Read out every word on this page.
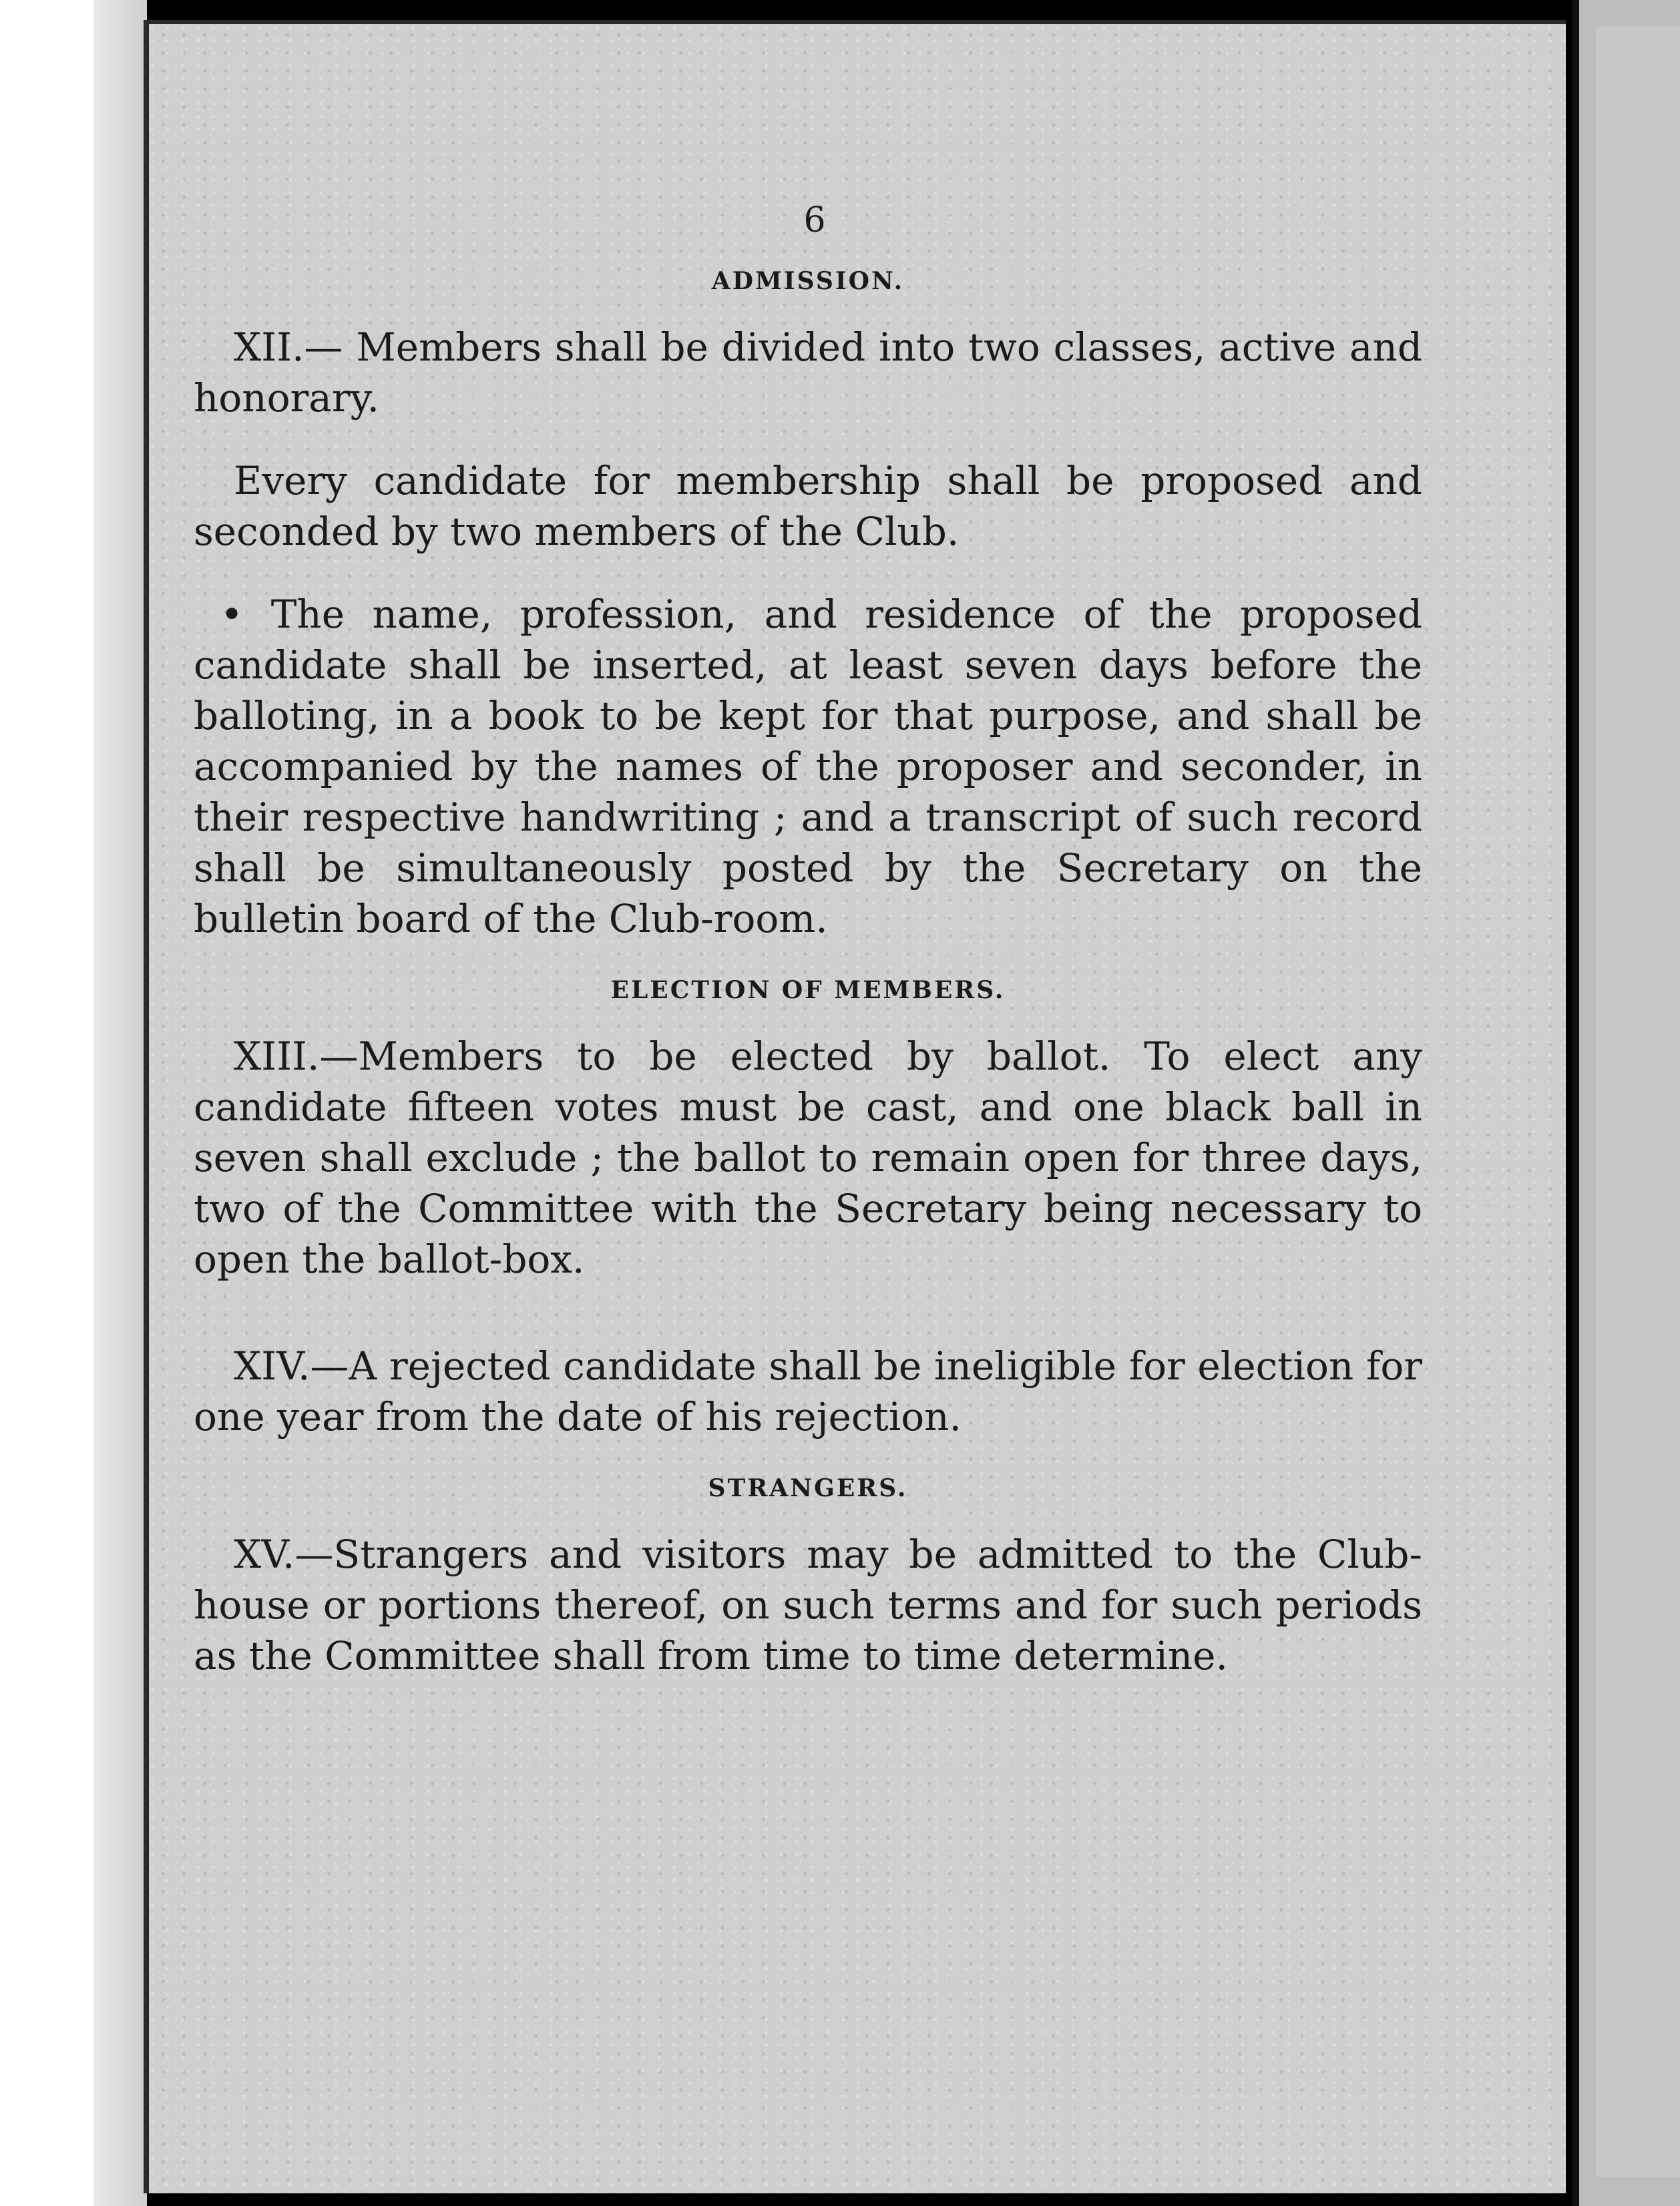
6
ADMISSION.

XII.— Members shall be divided into two classes, active and honorary.

Every candidate for membership shall be proposed and seconded by two members of the Club.

• The name, profession, and residence of the proposed candidate shall be inserted, at least seven days before the balloting, in a book to be kept for that purpose, and shall be accompanied by the names of the proposer and seconder, in their respective handwriting ; and a transcript of such record shall be simultaneously posted by the Secretary on the bulletin board of the Club-room.

ELECTION OF MEMBERS.

XIII.—Members to be elected by ballot. To elect any candidate fifteen votes must be cast, and one black ball in seven shall exclude ; the ballot to remain open for three days, two of the Committee with the Secretary being necessary to open the ballot-box.

XIV.—A rejected candidate shall be ineligible for election for one year from the date of his rejection.

STRANGERS.

XV.—Strangers and visitors may be admitted to the Club-house or portions thereof, on such terms and for such periods as the Committee shall from time to time determine.
